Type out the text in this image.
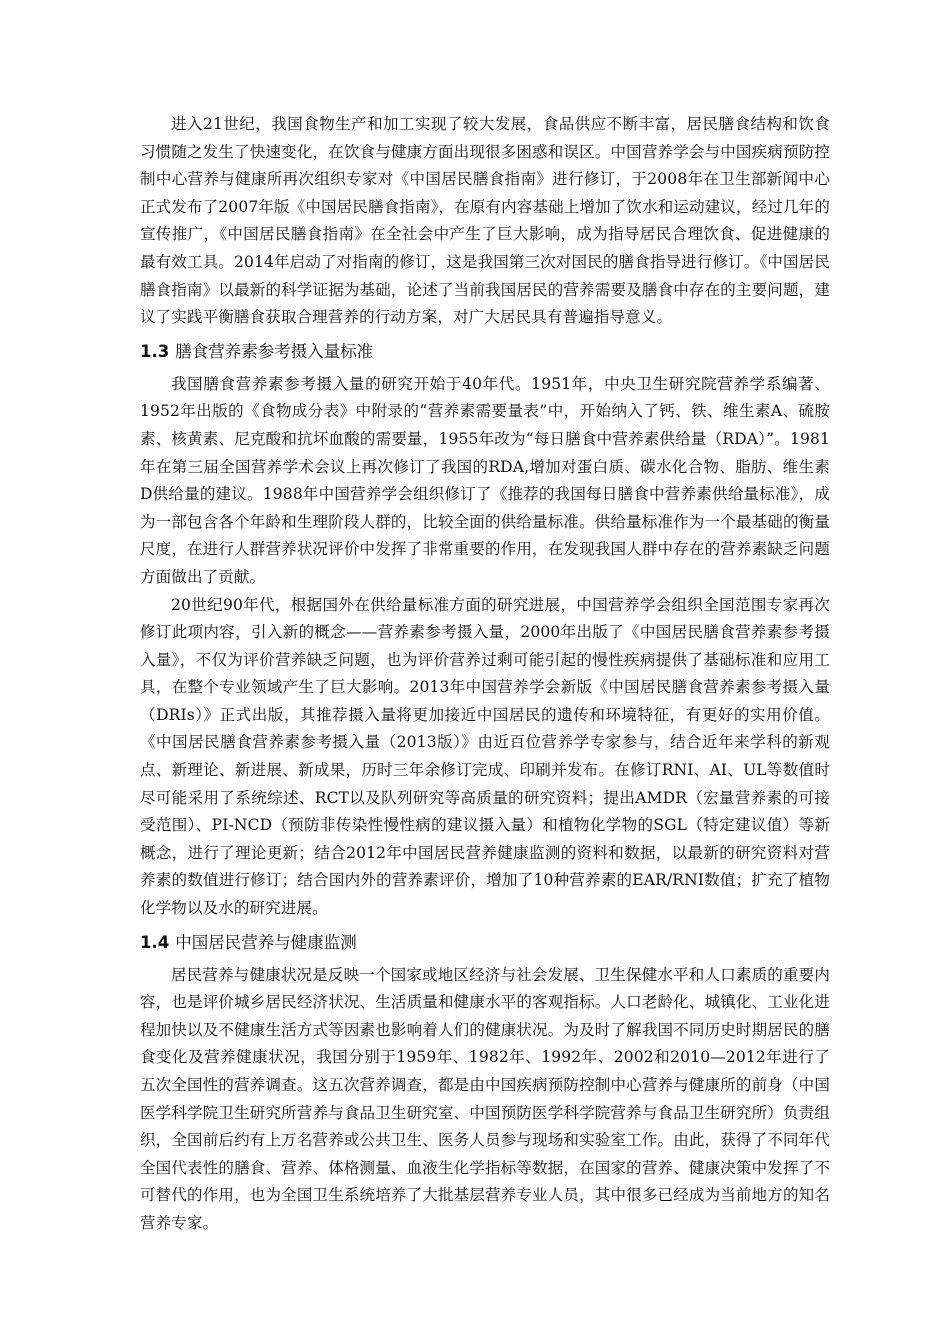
进入21世纪，我国食物生产和加工实现了较大发展，食品供应不断丰富，居民膳食结构和饮食习惯随之发生了快速变化，在饮食与健康方面出现很多困惑和误区。中国营养学会与中国疾病预防控制中心营养与健康所再次组织专家对《中国居民膳食指南》进行修订，于2008年在卫生部新闻中心正式发布了2007年版《中国居民膳食指南》，在原有内容基础上增加了饮水和运动建议，经过几年的宣传推广，《中国居民膳食指南》在全社会中产生了巨大影响，成为指导居民合理饮食、促进健康的最有效工具。2014年启动了对指南的修订，这是我国第三次对国民的膳食指导进行修订。《中国居民膳食指南》以最新的科学证据为基础，论述了当前我国居民的营养需要及膳食中存在的主要问题，建议了实践平衡膳食获取合理营养的行动方案，对广大居民具有普遍指导意义。

1.3 膳食营养素参考摄入量标准

我国膳食营养素参考摄入量的研究开始于40年代。1951年，中央卫生研究院营养学系编著、1952年出版的《食物成分表》中附录的“营养素需要量表”中，开始纳入了钙、铁、维生素A、硫胺素、核黄素、尼克酸和抗坏血酸的需要量，1955年改为“每日膳食中营养素供给量（RDA）”。1981年在第三届全国营养学术会议上再次修订了我国的RDA,增加对蛋白质、碳水化合物、脂肪、维生素D供给量的建议。1988年中国营养学会组织修订了《推荐的我国每日膳食中营养素供给量标准》，成为一部包含各个年龄和生理阶段人群的，比较全面的供给量标准。供给量标准作为一个最基础的衡量尺度，在进行人群营养状况评价中发挥了非常重要的作用，在发现我国人群中存在的营养素缺乏问题方面做出了贡献。

20世纪90年代，根据国外在供给量标准方面的研究进展，中国营养学会组织全国范围专家再次修订此项内容，引入新的概念——营养素参考摄入量，2000年出版了《中国居民膳食营养素参考摄入量》，不仅为评价营养缺乏问题，也为评价营养过剩可能引起的慢性疾病提供了基础标准和应用工具，在整个专业领域产生了巨大影响。2013年中国营养学会新版《中国居民膳食营养素参考摄入量（DRIs）》正式出版，其推荐摄入量将更加接近中国居民的遗传和环境特征，有更好的实用价值。《中国居民膳食营养素参考摄入量（2013版）》由近百位营养学专家参与，结合近年来学科的新观点、新理论、新进展、新成果，历时三年余修订完成、印刷并发布。在修订RNI、AI、UL等数值时尽可能采用了系统综述、RCT以及队列研究等高质量的研究资料；提出AMDR（宏量营养素的可接受范围）、PI-NCD（预防非传染性慢性病的建议摄入量）和植物化学物的SGL（特定建议值）等新概念，进行了理论更新；结合2012年中国居民营养健康监测的资料和数据，以最新的研究资料对营养素的数值进行修订；结合国内外的营养素评价，增加了10种营养素的EAR/RNI数值；扩充了植物化学物以及水的研究进展。

1.4 中国居民营养与健康监测

居民营养与健康状况是反映一个国家或地区经济与社会发展、卫生保健水平和人口素质的重要内容，也是评价城乡居民经济状况、生活质量和健康水平的客观指标。人口老龄化、城镇化、工业化进程加快以及不健康生活方式等因素也影响着人们的健康状况。为及时了解我国不同历史时期居民的膳食变化及营养健康状况，我国分别于1959年、1982年、1992年、2002和2010—2012年进行了五次全国性的营养调查。这五次营养调查，都是由中国疾病预防控制中心营养与健康所的前身（中国医学科学院卫生研究所营养与食品卫生研究室、中国预防医学科学院营养与食品卫生研究所）负责组织，全国前后约有上万名营养或公共卫生、医务人员参与现场和实验室工作。由此，获得了不同年代全国代表性的膳食、营养、体格测量、血液生化学指标等数据，在国家的营养、健康决策中发挥了不可替代的作用，也为全国卫生系统培养了大批基层营养专业人员，其中很多已经成为当前地方的知名营养专家。
